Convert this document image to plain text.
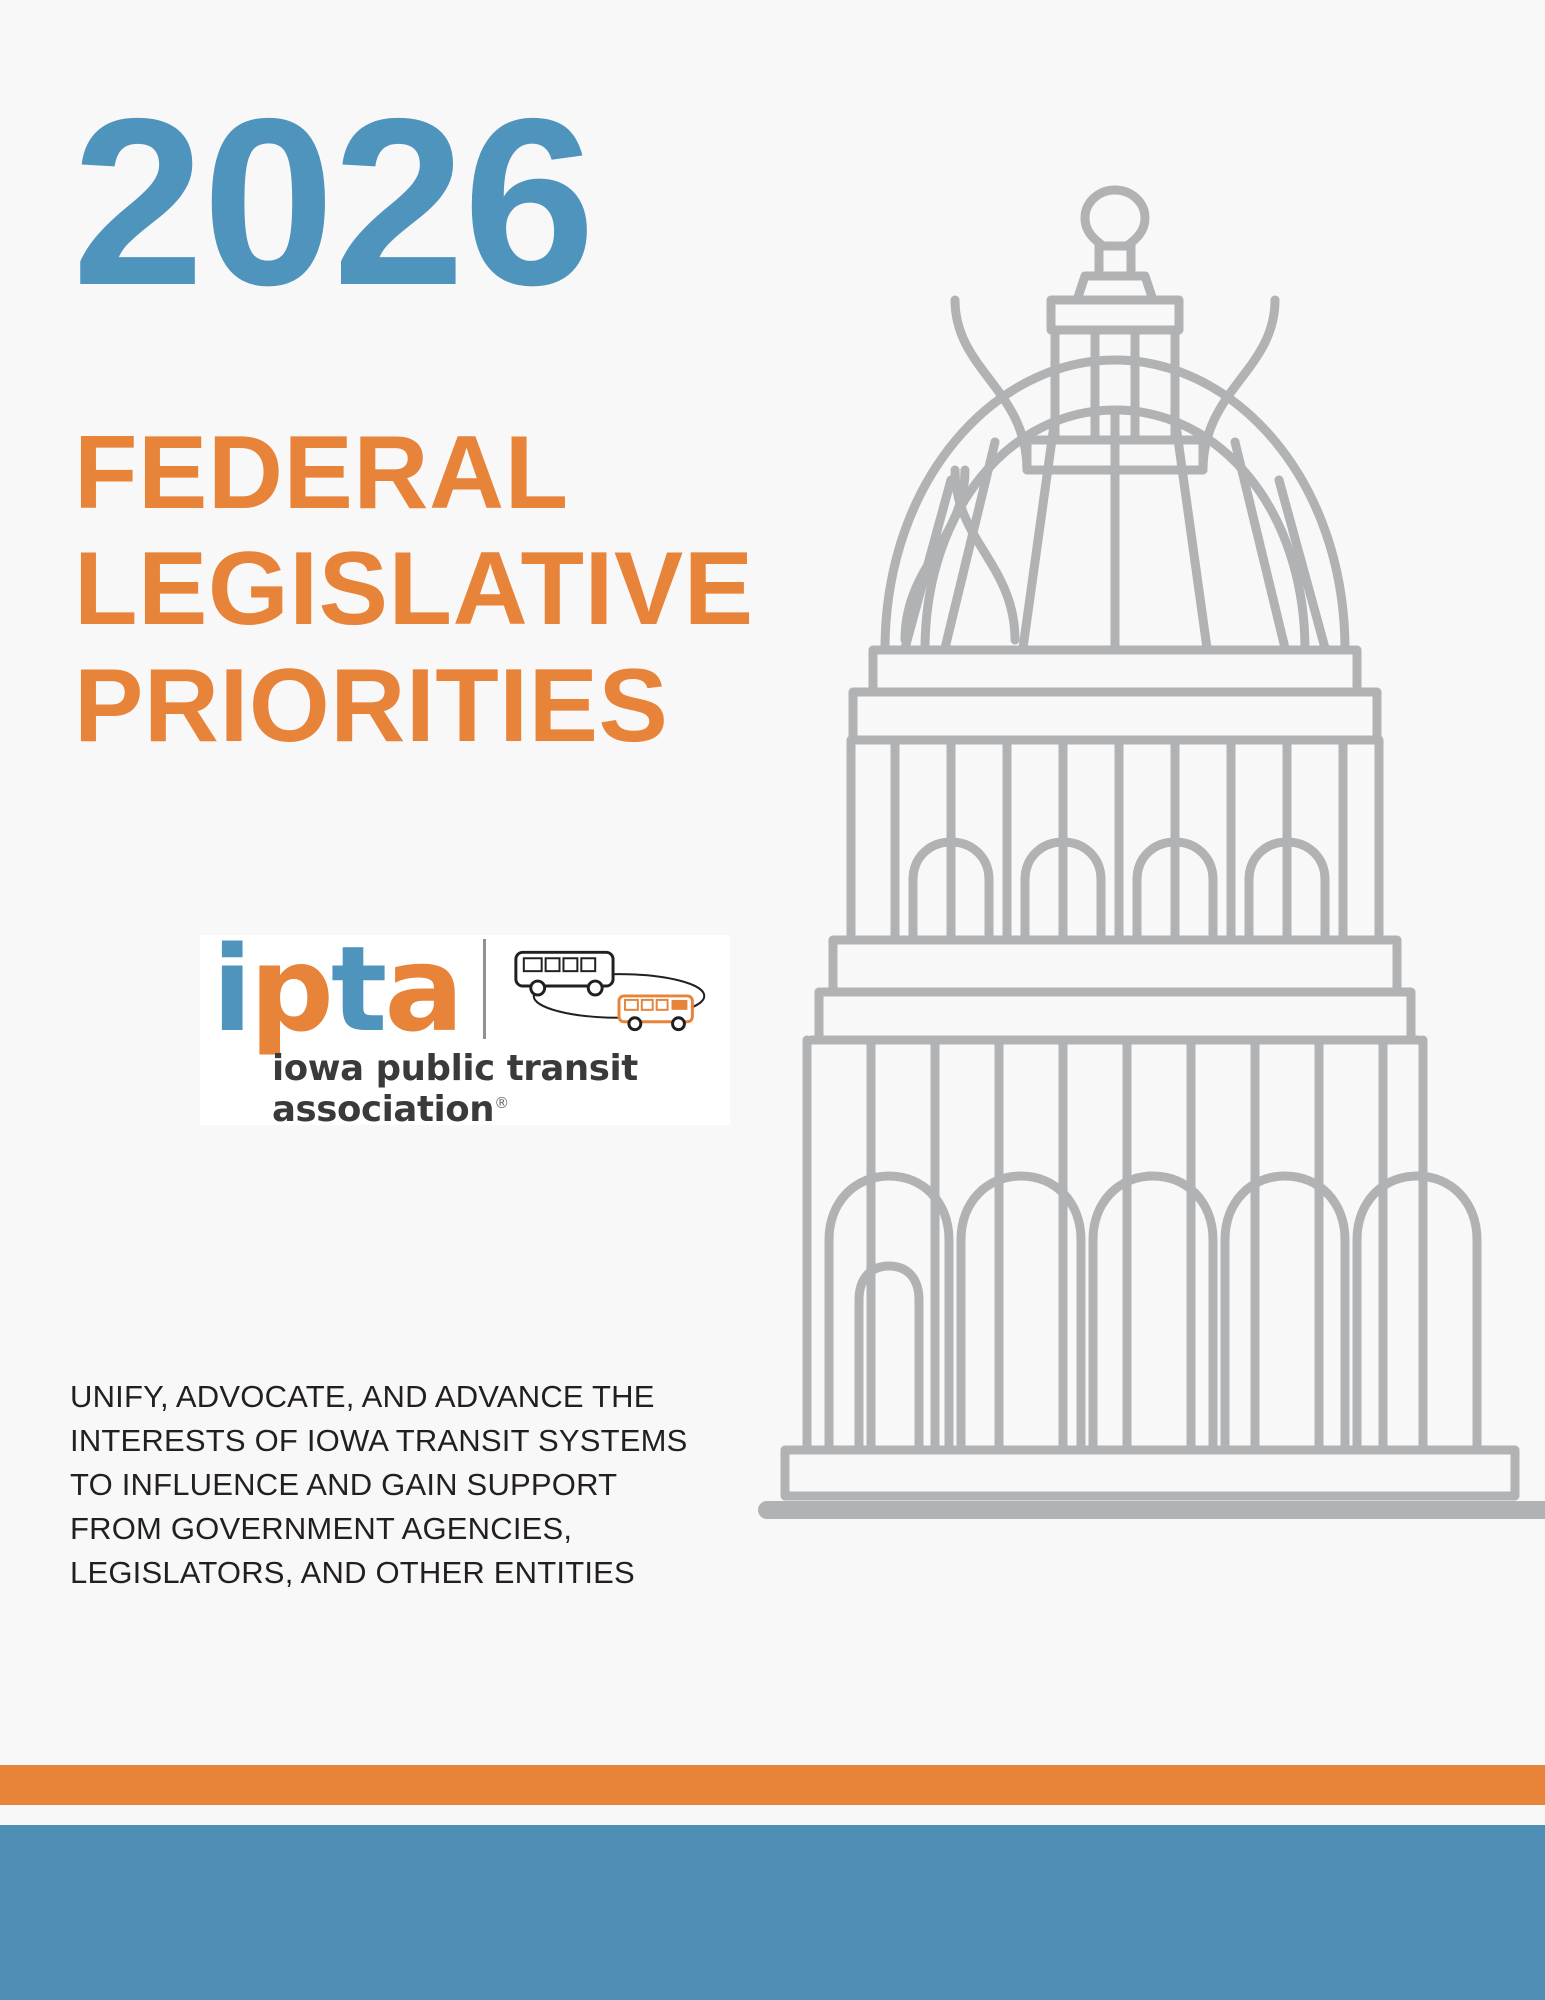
2026
FEDERAL
LEGISLATIVE
PRIORITIES
ipta
iowa public transit association®
UNIFY, ADVOCATE, AND ADVANCE THE INTERESTS OF IOWA TRANSIT SYSTEMS TO INFLUENCE AND GAIN SUPPORT FROM GOVERNMENT AGENCIES, LEGISLATORS, AND OTHER ENTITIES
